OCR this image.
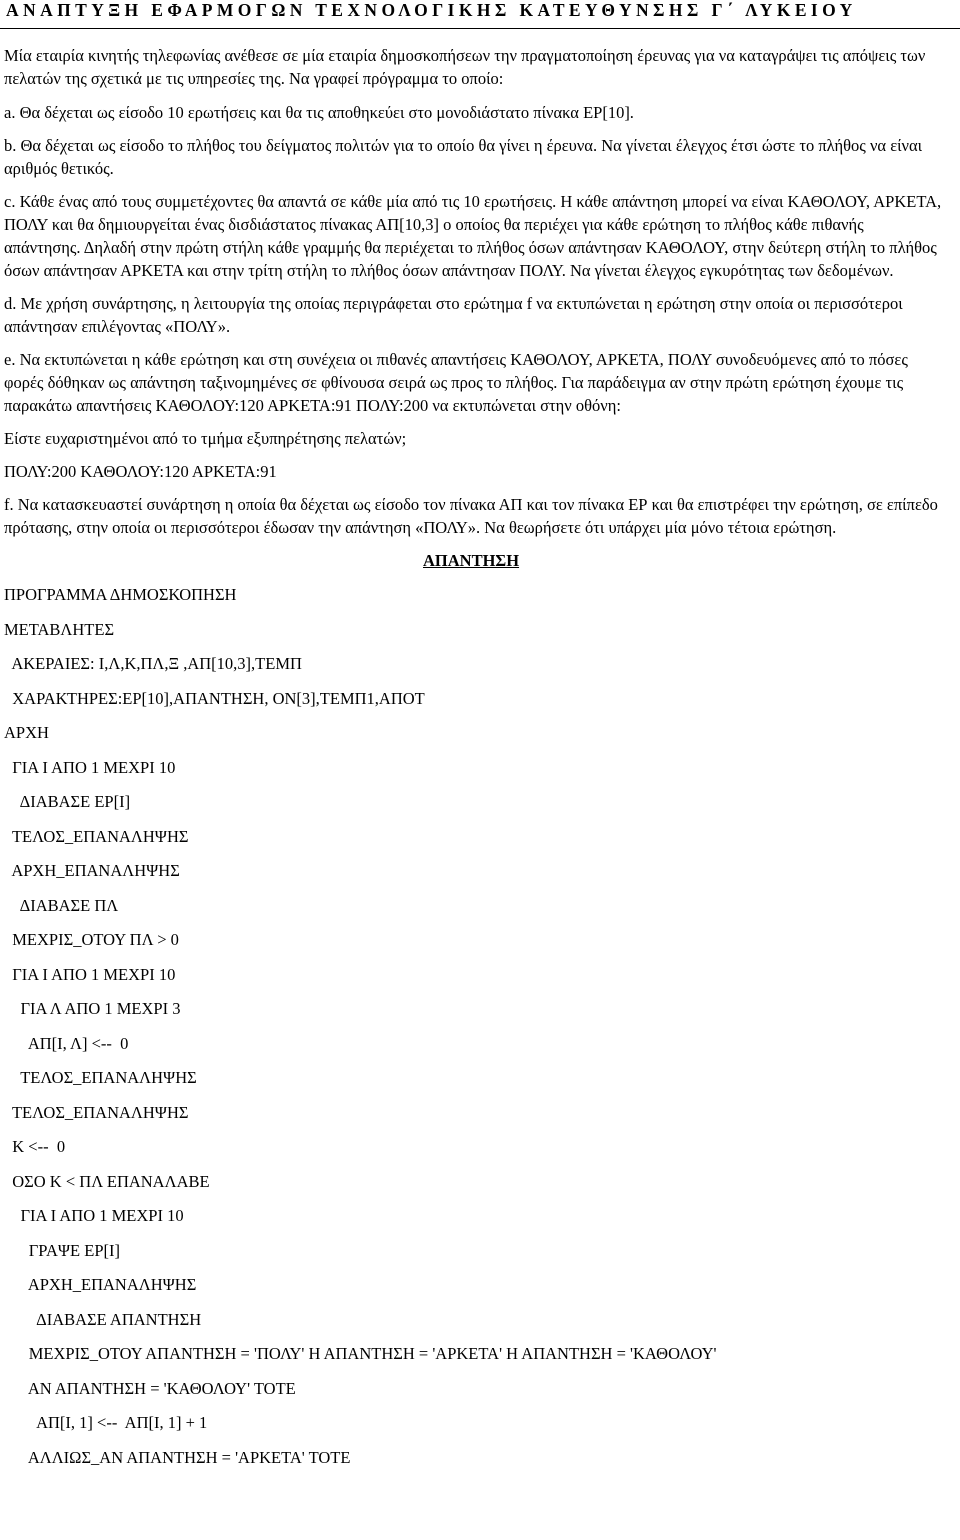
ΑΝΑΠΤΥΞΗ ΕΦΑΡΜΟΓΩΝ ΤΕΧΝΟΛΟΓΙΚΗΣ ΚΑΤΕΥΘΥΝΣΗΣ Γ΄ ΛΥΚΕΙΟΥ

Μία εταιρία κινητής τηλεφωνίας ανέθεσε σε μία εταιρία δημοσκοπήσεων την πραγματοποίηση έρευνας για να καταγράψει τις απόψεις των πελατών της σχετικά με τις υπηρεσίες της. Να γραφεί πρόγραμμα το οποίο:

a. Θα δέχεται ως είσοδο 10 ερωτήσεις και θα τις αποθηκεύει στο μονοδιάστατο πίνακα ΕΡ[10].

b. Θα δέχεται ως είσοδο το πλήθος του δείγματος πολιτών για το οποίο θα γίνει η έρευνα. Να γίνεται έλεγχος έτσι ώστε το πλήθος να είναι αριθμός θετικός.

c. Κάθε ένας από τους συμμετέχοντες θα απαντά σε κάθε μία από τις 10 ερωτήσεις. Η κάθε απάντηση μπορεί να είναι ΚΑΘΟΛΟΥ, ΑΡΚΕΤΑ, ΠΟΛΥ και θα δημιουργείται ένας δισδιάστατος πίνακας ΑΠ[10,3] ο οποίος θα περιέχει για κάθε ερώτηση το πλήθος κάθε πιθανής απάντησης. Δηλαδή στην πρώτη στήλη κάθε γραμμής θα περιέχεται το πλήθος όσων απάντησαν ΚΑΘΟΛΟΥ, στην δεύτερη στήλη το πλήθος όσων απάντησαν ΑΡΚΕΤΑ και στην τρίτη στήλη το πλήθος όσων απάντησαν ΠΟΛΥ. Να γίνεται έλεγχος εγκυρότητας των δεδομένων.

d. Με χρήση συνάρτησης, η λειτουργία της οποίας περιγράφεται στο ερώτημα f να εκτυπώνεται η ερώτηση στην οποία οι περισσότεροι απάντησαν επιλέγοντας «ΠΟΛΥ».

e. Να εκτυπώνεται η κάθε ερώτηση και στη συνέχεια οι πιθανές απαντήσεις ΚΑΘΟΛΟΥ, ΑΡΚΕΤΑ, ΠΟΛΥ συνοδευόμενες από το πόσες φορές δόθηκαν ως απάντηση ταξινομημένες σε φθίνουσα σειρά ως προς το πλήθος. Για παράδειγμα αν στην πρώτη ερώτηση έχουμε τις παρακάτω απαντήσεις ΚΑΘΟΛΟΥ:120 ΑΡΚΕΤΑ:91 ΠΟΛΥ:200 να εκτυπώνεται στην οθόνη:

Είστε ευχαριστημένοι από το τμήμα εξυπηρέτησης πελατών;

ΠΟΛΥ:200 ΚΑΘΟΛΟΥ:120 ΑΡΚΕΤΑ:91

f. Να κατασκευαστεί συνάρτηση η οποία θα δέχεται ως είσοδο τον πίνακα ΑΠ και τον πίνακα ΕΡ και θα επιστρέφει την ερώτηση, σε επίπεδο πρότασης, στην οποία οι περισσότεροι έδωσαν την απάντηση «ΠΟΛΥ». Να θεωρήσετε ότι υπάρχει μία μόνο τέτοια ερώτηση.

ΑΠΑΝΤΗΣΗ
ΠΡΟΓΡΑΜΜΑ ΔΗΜΟΣΚΟΠΗΣΗ
ΜΕΤΑΒΛΗΤΕΣ
ΑΚΕΡΑΙΕΣ: Ι,Λ,Κ,ΠΛ,Ξ ,ΑΠ[10,3],ΤΕΜΠ
ΧΑΡΑΚΤΗΡΕΣ:ΕΡ[10],ΑΠΑΝΤΗΣΗ, ΟΝ[3],ΤΕΜΠ1,ΑΠΟΤ
ΑΡΧΗ
ΓΙΑ Ι ΑΠΟ 1 ΜΕΧΡΙ 10
ΔΙΑΒΑΣΕ ΕΡ[Ι]
ΤΕΛΟΣ_ΕΠΑΝΑΛΗΨΗΣ
ΑΡΧΗ_ΕΠΑΝΑΛΗΨΗΣ
ΔΙΑΒΑΣΕ ΠΛ
ΜΕΧΡΙΣ_ΟΤΟΥ ΠΛ > 0
ΓΙΑ Ι ΑΠΟ 1 ΜΕΧΡΙ 10
ΓΙΑ Λ ΑΠΟ 1 ΜΕΧΡΙ 3
ΑΠ[Ι, Λ] <--  0
ΤΕΛΟΣ_ΕΠΑΝΑΛΗΨΗΣ
ΤΕΛΟΣ_ΕΠΑΝΑΛΗΨΗΣ
Κ <--  0
ΟΣΟ Κ < ΠΛ ΕΠΑΝΑΛΑΒΕ
ΓΙΑ Ι ΑΠΟ 1 ΜΕΧΡΙ 10
ΓΡΑΨΕ ΕΡ[Ι]
ΑΡΧΗ_ΕΠΑΝΑΛΗΨΗΣ
ΔΙΑΒΑΣΕ ΑΠΑΝΤΗΣΗ
ΜΕΧΡΙΣ_ΟΤΟΥ ΑΠΑΝΤΗΣΗ = 'ΠΟΛΥ' Η ΑΠΑΝΤΗΣΗ = 'ΑΡΚΕΤΑ' Η ΑΠΑΝΤΗΣΗ = 'ΚΑΘΟΛΟΥ'
ΑΝ ΑΠΑΝΤΗΣΗ = 'ΚΑΘΟΛΟΥ' ΤΟΤΕ
ΑΠ[Ι, 1] <--  ΑΠ[Ι, 1] + 1
ΑΛΛΙΩΣ_ΑΝ ΑΠΑΝΤΗΣΗ = 'ΑΡΚΕΤΑ' ΤΟΤΕ
